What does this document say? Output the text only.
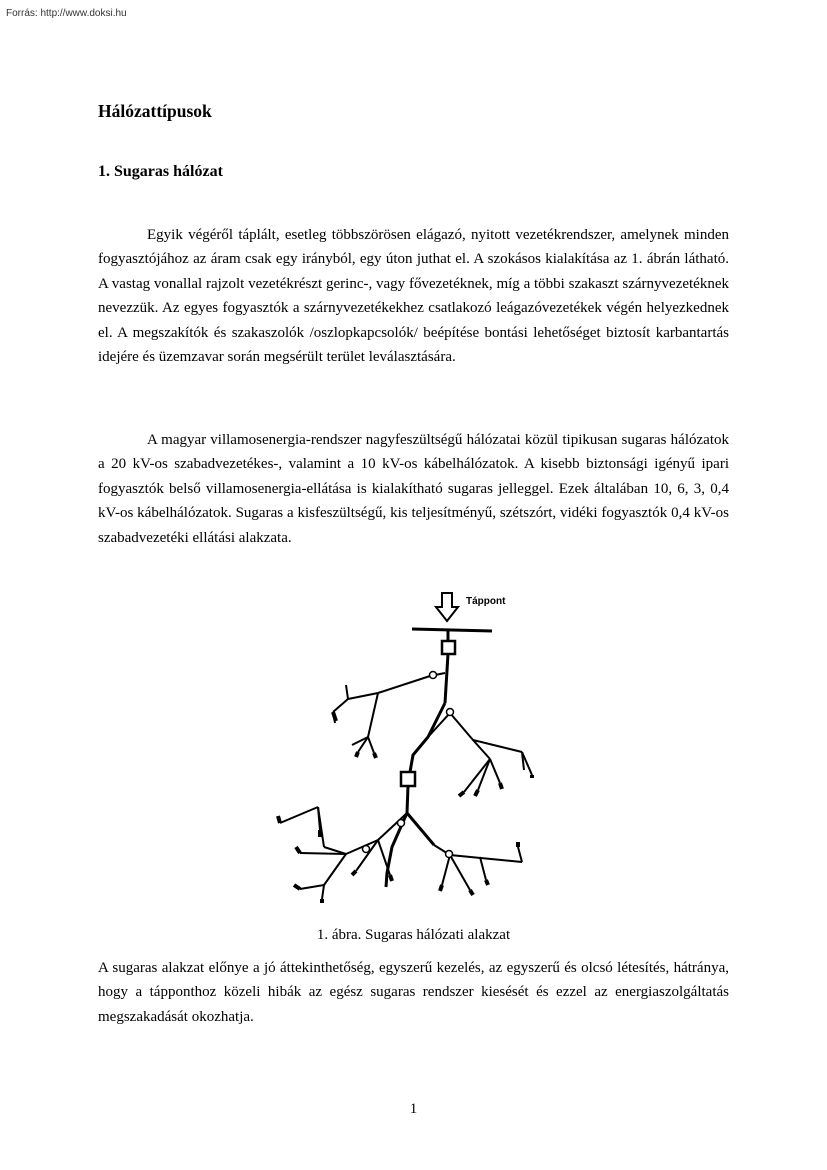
Forrás: http://www.doksi.hu
Hálózattípusok
1. Sugaras hálózat

Egyik végéről táplált, esetleg többszörösen elágazó, nyitott vezetékrendszer, amelynek minden fogyasztójához az áram csak egy irányból, egy úton juthat el. A szokásos kialakítása az 1. ábrán látható. A vastag vonallal rajzolt vezetékrészt gerinc-, vagy fővezetéknek, míg a többi szakaszt szárnyvezetéknek nevezzük. Az egyes fogyasztók a szárnyvezetékekhez csatlakozó leágazóvezetékek végén helyezkednek el. A megszakítók és szakaszolók /oszlopkapcsolók/ beépítése bontási lehetőséget biztosít karbantartás idejére és üzemzavar során megsérült terület leválasztására.

A magyar villamosenergia-rendszer nagyfeszültségű hálózatai közül tipikusan sugaras hálózatok a 20 kV-os szabadvezetékes-, valamint a 10 kV-os kábelhálózatok. A kisebb biztonsági igényű ipari fogyasztók belső villamosenergia-ellátása is kialakítható sugaras jelleggel. Ezek általában 10, 6, 3, 0,4 kV-os kábelhálózatok. Sugaras a kisfeszültségű, kis teljesítményű, szétszórt, vidéki fogyasztók 0,4 kV-os szabadvezetéki ellátási alakzata.

Táppont
1. ábra. Sugaras hálózati alakzat

A sugaras alakzat előnye a jó áttekinthetőség, egyszerű kezelés, az egyszerű és olcsó létesítés, hátránya, hogy a tápponthoz közeli hibák az egész sugaras rendszer kiesését és ezzel az energiaszolgáltatás megszakadását okozhatja.

1
